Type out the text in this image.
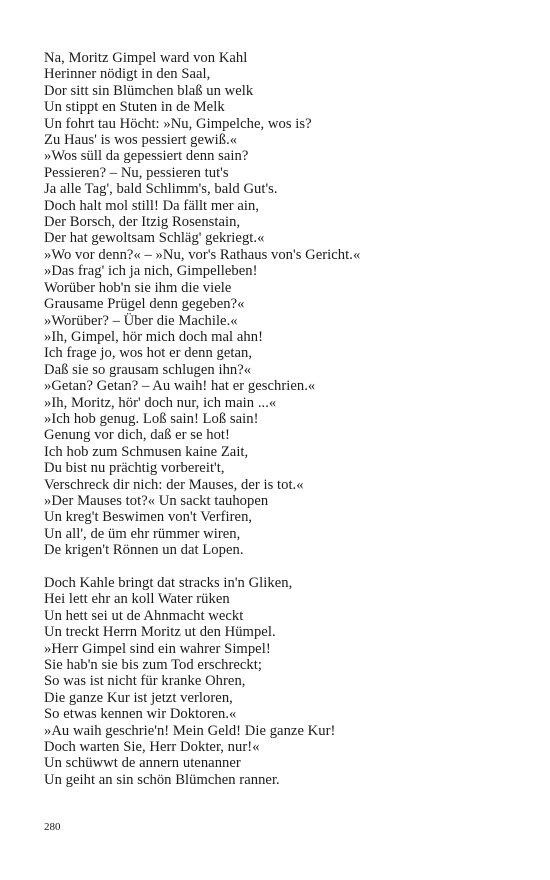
Na, Moritz Gimpel ward von Kahl
Herinner nödigt in den Saal,
Dor sitt sin Blümchen blaß un welk
Un stippt en Stuten in de Melk
Un fohrt tau Höcht: »Nu, Gimpelche, wos is?
Zu Haus' is wos pessiert gewiß.«
»Wos süll da gepessiert denn sain?
Pessieren? – Nu, pessieren tut's
Ja alle Tag', bald Schlimm's, bald Gut's.
Doch halt mol still! Da fällt mer ain,
Der Borsch, der Itzig Rosenstain,
Der hat gewoltsam Schläg' gekriegt.«
»Wo vor denn?« – »Nu, vor's Rathaus von's Gericht.«
»Das frag' ich ja nich, Gimpelleben!
Worüber hob'n sie ihm die viele
Grausame Prügel denn gegeben?«
»Worüber? – Über die Machile.«
»Ih, Gimpel, hör mich doch mal ahn!
Ich frage jo, wos hot er denn getan,
Daß sie so grausam schlugen ihn?«
»Getan? Getan? – Au waih! hat er geschrien.«
»Ih, Moritz, hör' doch nur, ich main ...«
»Ich hob genug. Loß sain! Loß sain!
Genung vor dich, daß er se hot!
Ich hob zum Schmusen kaine Zait,
Du bist nu prächtig vorbereit't,
Verschreck dir nich: der Mauses, der is tot.«
»Der Mauses tot?« Un sackt tauhopen
Un kreg't Beswimen von't Verfiren,
Un all', de üm ehr rümmer wiren,
De krigen't Rönnen un dat Lopen.
Doch Kahle bringt dat stracks in'n Gliken,
Hei lett ehr an koll Water rüken
Un hett sei ut de Ahnmacht weckt
Un treckt Herrn Moritz ut den Hümpel.
»Herr Gimpel sind ein wahrer Simpel!
Sie hab'n sie bis zum Tod erschreckt;
So was ist nicht für kranke Ohren,
Die ganze Kur ist jetzt verloren,
So etwas kennen wir Doktoren.«
»Au waih geschrie'n! Mein Geld! Die ganze Kur!
Doch warten Sie, Herr Dokter, nur!«
Un schüwwt de annern utenanner
Un geiht an sin schön Blümchen ranner.
280
